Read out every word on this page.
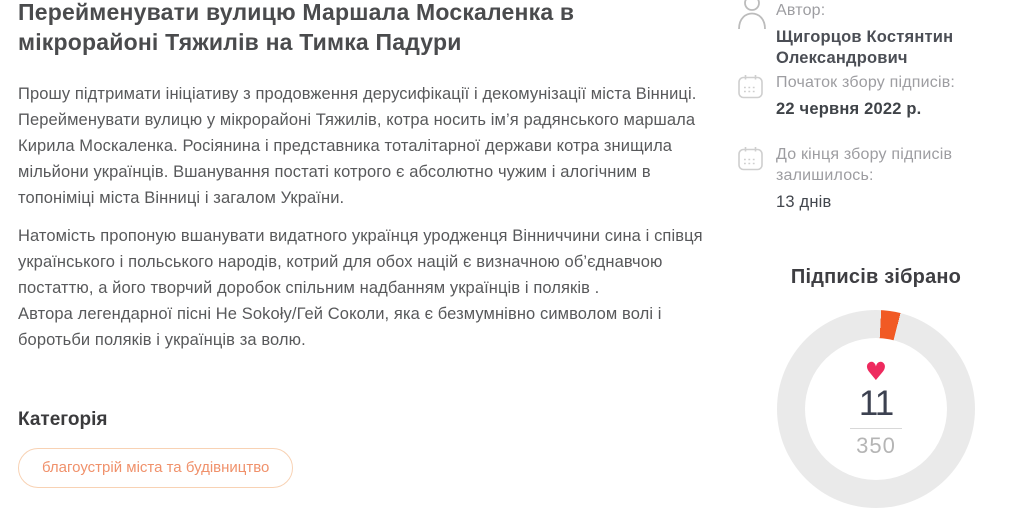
Перейменувати вулицю Маршала Москаленка в мікрорайоні Тяжилів на Тимка Падури

Прошу підтримати ініціативу з продовження дерусифікації і декомунізації міста Вінниці.

Перейменувати вулицю у мікрорайоні Тяжилів, котра носить ім’я радянського маршала Кирила Москаленка. Росіянина і представника тоталітарної держави котра знищила мільйони українців. Вшанування постаті котрого є абсолютно чужим і алогічним в топоніміці міста Вінниці і загалом України.

Натомість пропоную вшанувати видатного українця уродженця Вінниччини сина і співця українського і польського народів, котрий для обох націй є визначною об’єднавчою постаттю, а його творчий доробок спільним надбанням українців і поляків .

Автора легендарної пісні He Sokoły/Гей Соколи, яка є безмумнівно символом волі і боротьби поляків і українців за волю.

Категорія
благоустрій міста та будівництво
Автор:
Щигорцов Костянтин Олександрович
Початок збору підписів:
22 червня 2022 р.
До кінця збору підписів залишилось:
13 днів
Підписів зібрано
♥
11
350
